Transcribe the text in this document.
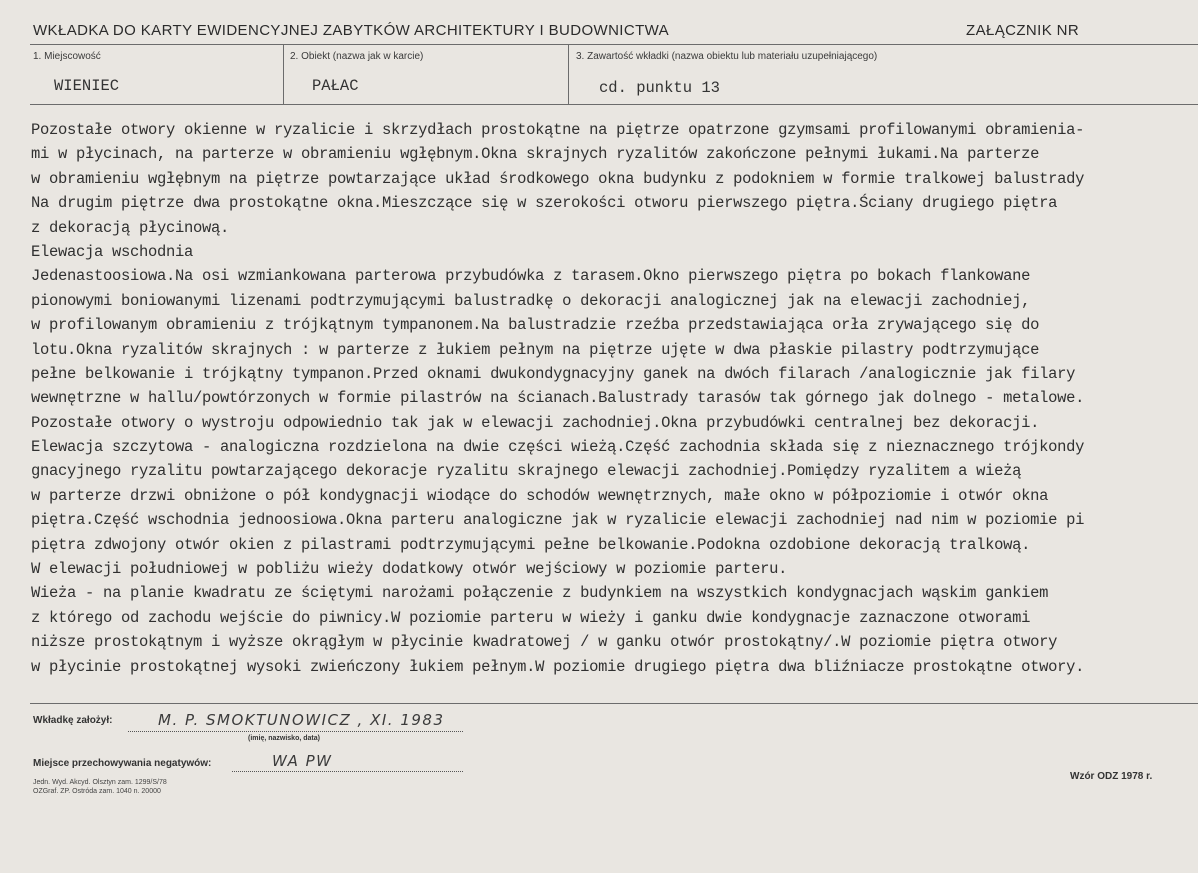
WKŁADKA DO KARTY EWIDENCYJNEJ ZABYTKÓW ARCHITEKTURY I BUDOWNICTWA	ZAŁĄCZNIK NR
1. Miejscowość
WIENIEC
2. Obiekt (nazwa jak w karcie)
PAŁAC
3. Zawartość wkładki (nazwa obiektu lub materiału uzupełniającego)
cd. punktu 13
Pozostałe otwory okienne w ryzalicie i skrzydłach prostokątne na piętrze opatrzone gzymsami profilowanymi obramienia-
mi w płycinach, na parterze w obramieniu wgłębnym.Okna skrajnych ryzalitów zakończone pełnymi łukami.Na parterze
w obramieniu wgłębnym na piętrze powtarzające układ środkowego okna budynku z podokniem w formie tralkowej balustrady
Na drugim piętrze dwa prostokątne okna.Mieszczące się w szerokości otworu pierwszego piętra.Ściany drugiego piętra
z dekoracją płycinową.
Elewacja wschodnia
Jedenastoosiowa.Na osi wzmiankowana parterowa przybudówka z tarasem.Okno pierwszego piętra po bokach flankowane
pionowymi boniowanymi lizenami podtrzymującymi balustradkę o dekoracji analogicznej jak na elewacji zachodniej,
w profilowanym obramieniu z trójkątnym tympanonem.Na balustradzie rzeźba przedstawiająca orła zrywającego się do
lotu.Okna ryzalitów skrajnych : w parterze z łukiem pełnym na piętrze ujęte w dwa płaskie pilastry podtrzymujące
pełne belkowanie i trójkątny tympanon.Przed oknami dwukondygnacyjny ganek na dwóch filarach /analogicznie jak filary
wewnętrzne w hallu/powtórzonych w formie pilastrów na ścianach.Balustrady tarasów tak górnego jak dolnego - metalowe.
Pozostałe otwory o wystroju odpowiednio tak jak w elewacji zachodniej.Okna przybudówki centralnej bez dekoracji.
Elewacja szczytowa - analogiczna rozdzielona na dwie części wieżą.Część zachodnia składa się z nieznacznego trójkondy
gnacyjnego ryzalitu powtarzającego dekoracje ryzalitu skrajnego elewacji zachodniej.Pomiędzy ryzalitem a wieżą
w parterze drzwi obniżone o pół kondygnacji wiodące do schodów wewnętrznych, małe okno w półpoziomie i otwór okna
piętra.Część wschodnia jednoosiowa.Okna parteru analogiczne jak w ryzalicie elewacji zachodniej nad nim w poziomie pi
piętra zdwojony otwór okien z pilastrami podtrzymującymi pełne belkowanie.Podokna ozdobione dekoracją tralkową.
W elewacji południowej w pobliżu wieży dodatkowy otwór wejściowy w poziomie parteru.
Wieża - na planie kwadratu ze ściętymi narożami połączenie z budynkiem na wszystkich kondygnacjach wąskim gankiem
z którego od zachodu wejście do piwnicy.W poziomie parteru w wieży i ganku dwie kondygnacje zaznaczone otworami
niższe prostokątnym i wyższe okrągłym w płycinie kwadratowej / w ganku otwór prostokątny/.W poziomie piętra otwory
w płycinie prostokątnej wysoki zwieńczony łukiem pełnym.W poziomie drugiego piętra dwa bliźniacze prostokątne otwory.
Wkładkę założył:	M. P. SMOKTUNOWICZ , XI. 1983
(imię, nazwisko, data)
Miejsce przechowywania negatywów:	WA PW
Jedn. Wyd. Akcyd. Olsztyn zam. 1299/S/78
OZGraf. ZP. Ostróda zam. 1040 n. 20000
Wzór ODZ 1978 r.
